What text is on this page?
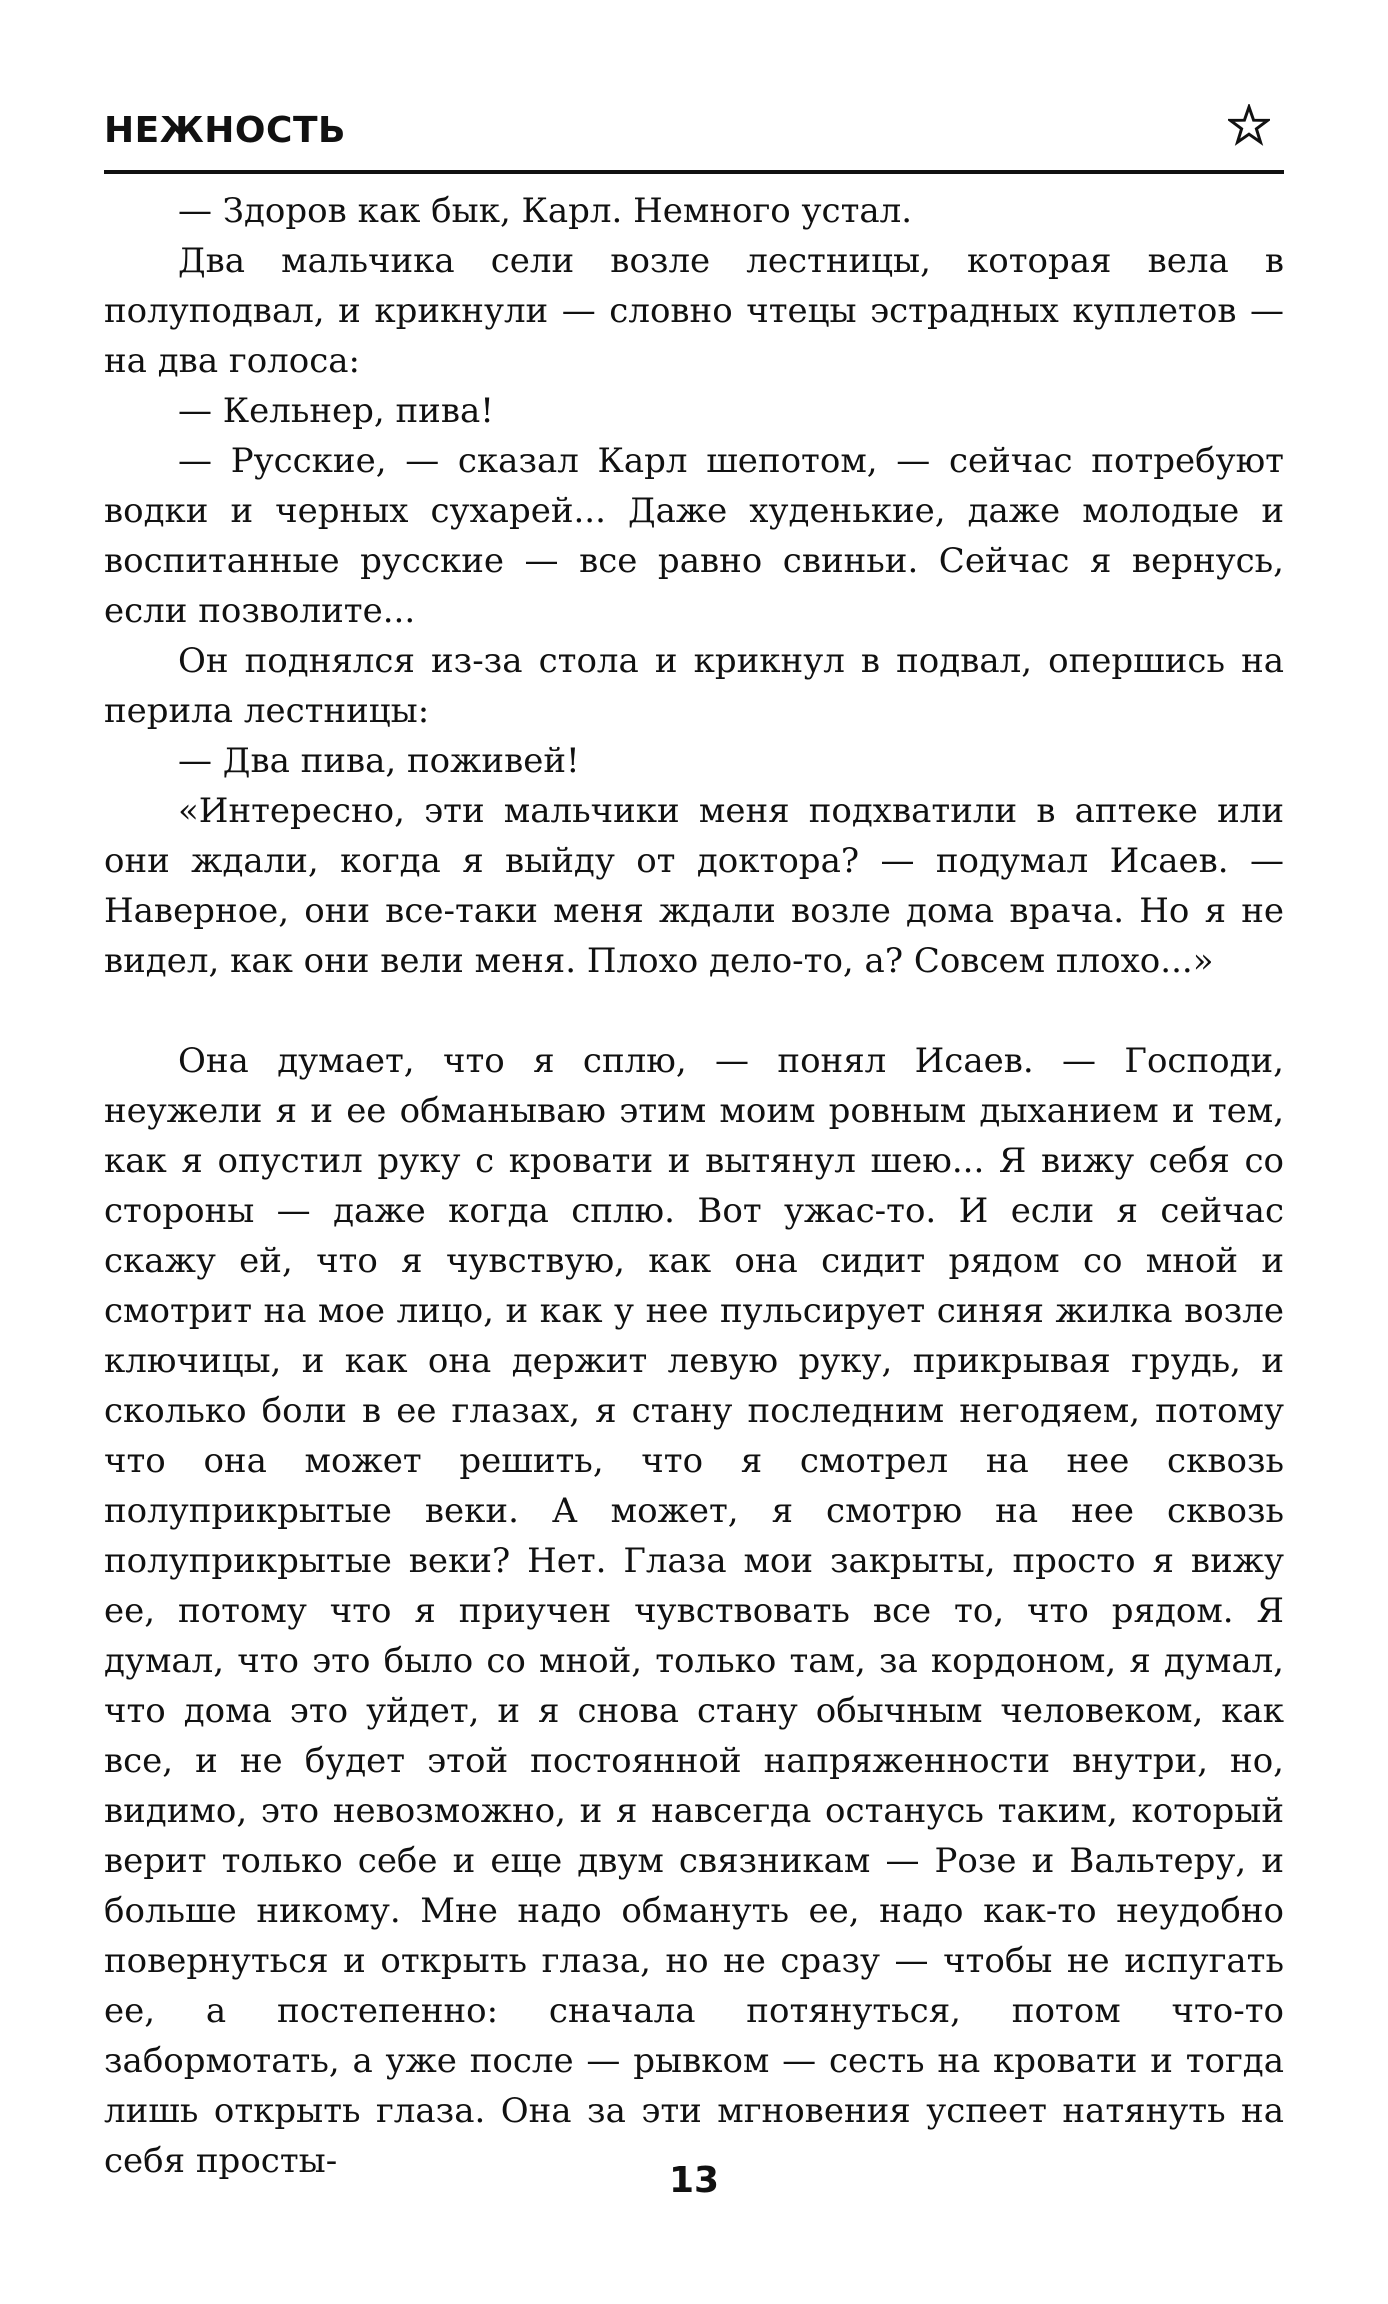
НЕЖНОСТЬ

— Здоров как бык, Карл. Немного устал.

Два мальчика сели возле лестницы, которая вела в полуподвал, и крикнули — словно чтецы эстрадных куплетов — на два голоса:

— Кельнер, пива!

— Русские, — сказал Карл шепотом, — сейчас потребуют водки и черных сухарей... Даже худенькие, даже молодые и воспитанные русские — все равно свиньи. Сейчас я вернусь, если позволите...

Он поднялся из-за стола и крикнул в подвал, опершись на перила лестницы:

— Два пива, поживей!

«Интересно, эти мальчики меня подхватили в аптеке или они ждали, когда я выйду от доктора? — подумал Исаев. — Наверное, они все-таки меня ждали возле дома врача. Но я не видел, как они вели меня. Плохо дело-то, а? Совсем плохо...»

Она думает, что я сплю, — понял Исаев. — Господи, неужели я и ее обманываю этим моим ровным дыханием и тем, как я опустил руку с кровати и вытянул шею... Я вижу себя со стороны — даже когда сплю. Вот ужас-то. И если я сейчас скажу ей, что я чувствую, как она сидит рядом со мной и смотрит на мое лицо, и как у нее пульсирует синяя жилка возле ключицы, и как она держит левую руку, прикрывая грудь, и сколько боли в ее глазах, я стану последним негодяем, потому что она может решить, что я смотрел на нее сквозь полуприкрытые веки. А может, я смотрю на нее сквозь полуприкрытые веки? Нет. Глаза мои закрыты, просто я вижу ее, потому что я приучен чувствовать все то, что рядом. Я думал, что это было со мной, только там, за кордоном, я думал, что дома это уйдет, и я снова стану обычным человеком, как все, и не будет этой постоянной напряженности внутри, но, видимо, это невозможно, и я навсегда останусь таким, который верит только себе и еще двум связникам — Розе и Вальтеру, и больше никому. Мне надо обмануть ее, надо как-то неудобно повернуться и открыть глаза, но не сразу — чтобы не испугать ее, а постепенно: сначала потянуться, потом что-то забормотать, а уже после — рывком — сесть на кровати и тогда лишь открыть глаза. Она за эти мгновения успеет натянуть на себя просты-	13
